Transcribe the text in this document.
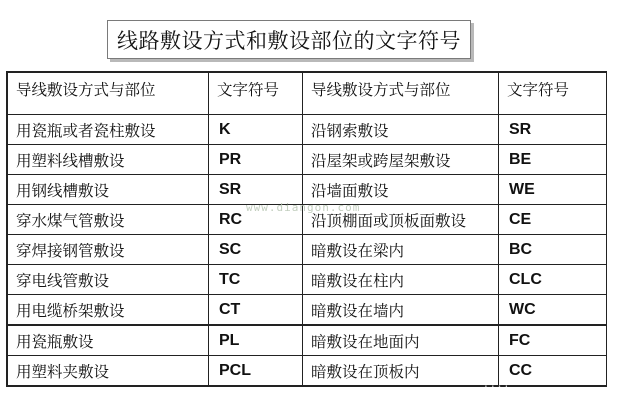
线路敷设方式和敷设部位的文字符号
导线敷设方式与部位	文字符号	导线敷设方式与部位	文字符号
用瓷瓶或者瓷柱敷设	K	沿钢索敷设	SR
用塑料线槽敷设	PR	沿屋架或跨屋架敷设	BE
用钢线槽敷设	SR	沿墙面敷设	WE
穿水煤气管敷设	RC	沿顶棚面或顶板面敷设	CE
穿焊接钢管敷设	SC	暗敷设在梁内	BC
穿电线管敷设	TC	暗敷设在柱内	CLC
用电缆桥架敷设	CT	暗敷设在墙内	WC
用瓷瓶敷设	PL	暗敷设在地面内	FC
用塑料夹敷设	PCL	暗敷设在顶板内	CC
www.diangon.com
....
